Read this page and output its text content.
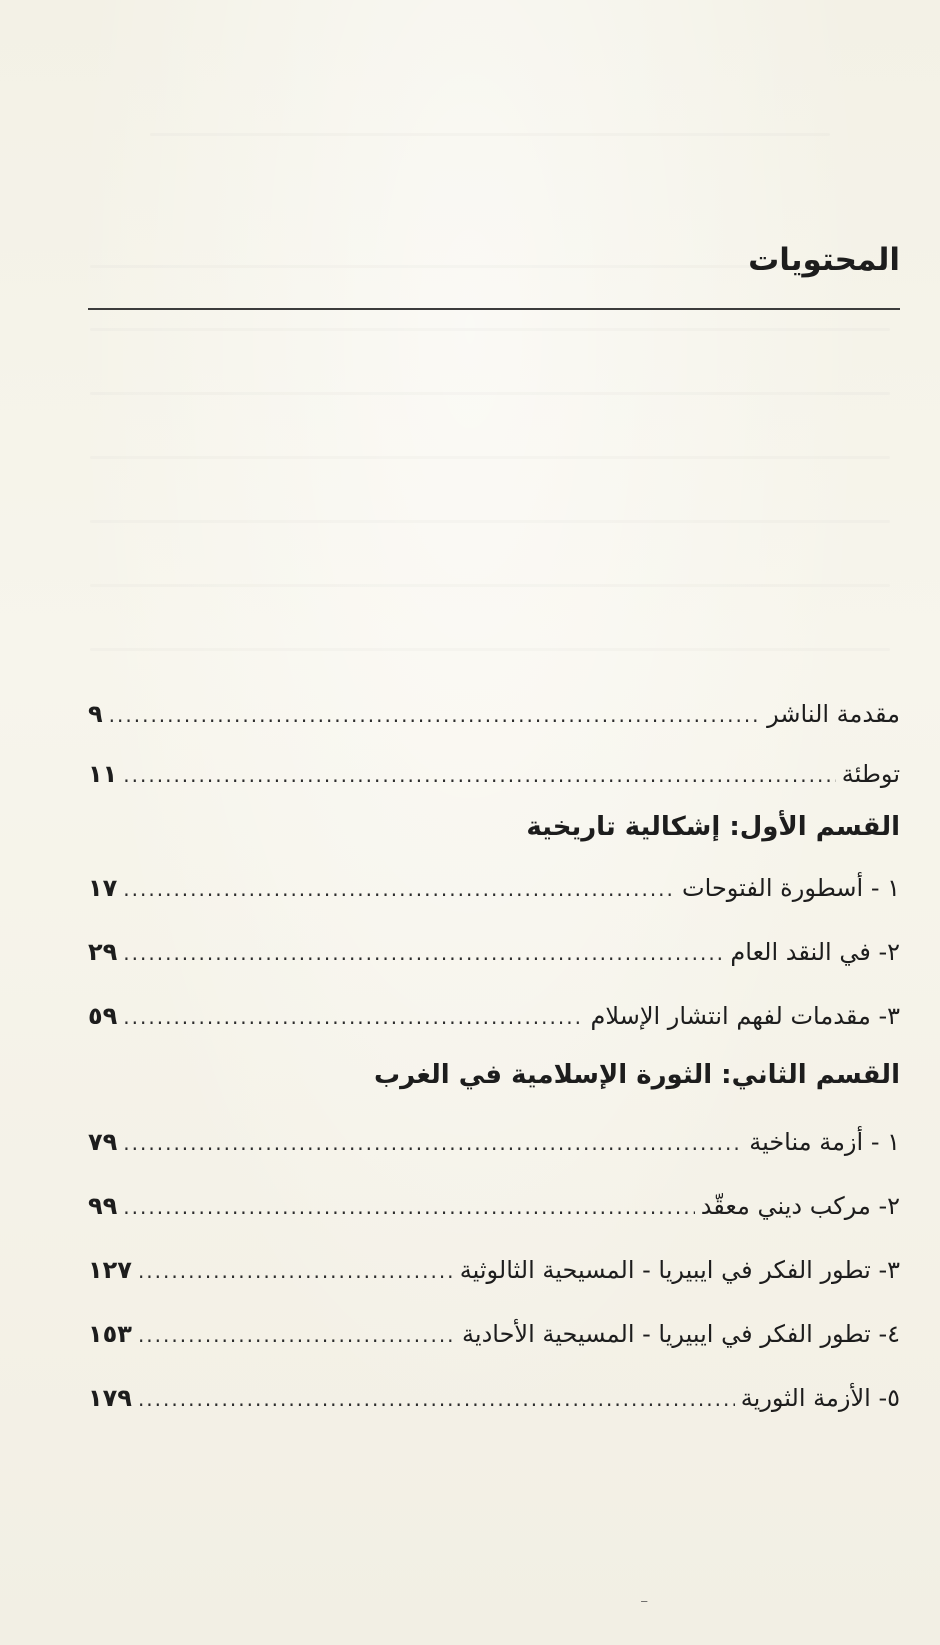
المحتويات
مقدمة الناشر
.....
٩
توطئة
.....
١١
القسم الأول: إشكالية تاريخية
١ - أسطورة الفتوحات
.....
١٧
٢- في النقد العام
.....
٢٩
٣- مقدمات لفهم انتشار الإسلام
.....
٥٩
القسم الثاني: الثورة الإسلامية في الغرب
١ - أزمة مناخية
.....
٧٩
٢- مركب ديني معقّد
.....
٩٩
٣- تطور الفكر في ايبيريا - المسيحية الثالوثية
.....
١٢٧
٤- تطور الفكر في ايبيريا - المسيحية الأحادية
.....
١٥٣
٥- الأزمة الثورية
.....
١٧٩
⁻
